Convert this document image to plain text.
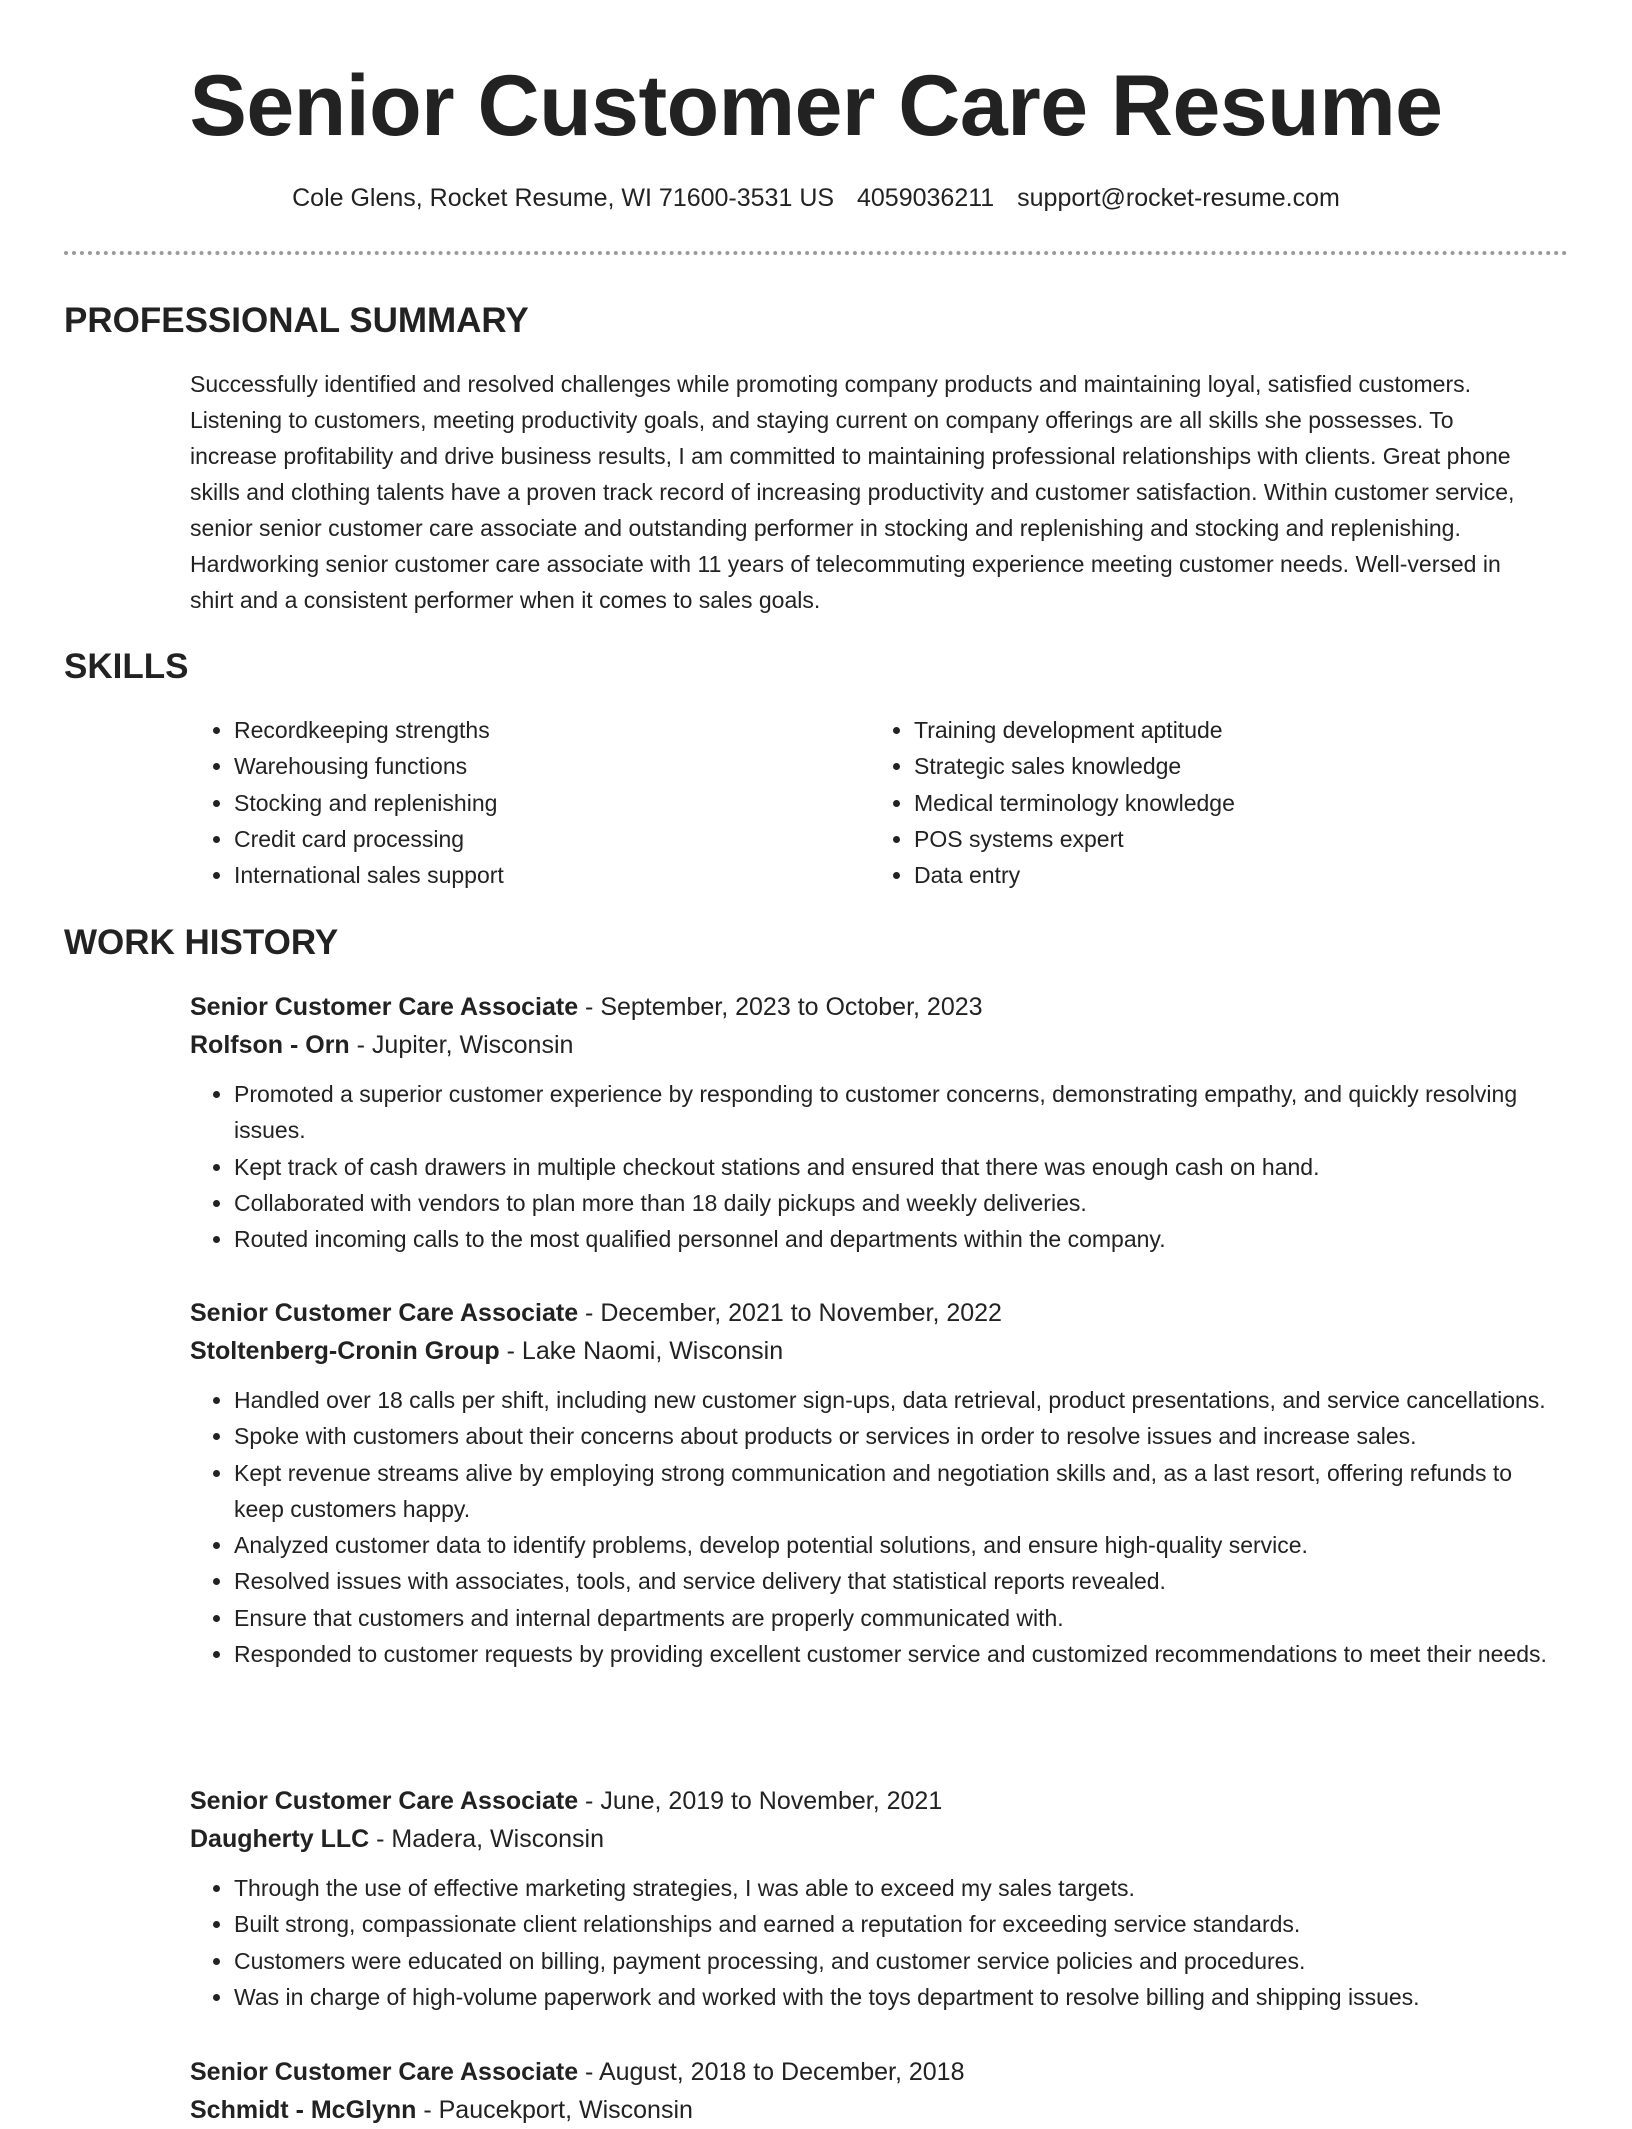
Senior Customer Care Resume
Cole Glens, Rocket Resume, WI 71600-3531 US 4059036211 support@rocket-resume.com
PROFESSIONAL SUMMARY

Successfully identified and resolved challenges while promoting company products and maintaining loyal, satisfied customers. Listening to customers, meeting productivity goals, and staying current on company offerings are all skills she possesses. To increase profitability and drive business results, I am committed to maintaining professional relationships with clients. Great phone skills and clothing talents have a proven track record of increasing productivity and customer satisfaction. Within customer service, senior senior customer care associate and outstanding performer in stocking and replenishing and stocking and replenishing. Hardworking senior customer care associate with 11 years of telecommuting experience meeting customer needs. Well-versed in shirt and a consistent performer when it comes to sales goals.

SKILLS
• Recordkeeping strengths
• Warehousing functions
• Stocking and replenishing
• Credit card processing
• International sales support
• Training development aptitude
• Strategic sales knowledge
• Medical terminology knowledge
• POS systems expert
• Data entry
WORK HISTORY
Senior Customer Care Associate - September, 2023 to October, 2023
Rolfson - Orn - Jupiter, Wisconsin
• Promoted a superior customer experience by responding to customer concerns, demonstrating empathy, and quickly resolving issues.
• Kept track of cash drawers in multiple checkout stations and ensured that there was enough cash on hand.
• Collaborated with vendors to plan more than 18 daily pickups and weekly deliveries.
• Routed incoming calls to the most qualified personnel and departments within the company.
Senior Customer Care Associate - December, 2021 to November, 2022
Stoltenberg-Cronin Group - Lake Naomi, Wisconsin
• Handled over 18 calls per shift, including new customer sign-ups, data retrieval, product presentations, and service cancellations.
• Spoke with customers about their concerns about products or services in order to resolve issues and increase sales.
• Kept revenue streams alive by employing strong communication and negotiation skills and, as a last resort, offering refunds to keep customers happy.
• Analyzed customer data to identify problems, develop potential solutions, and ensure high-quality service.
• Resolved issues with associates, tools, and service delivery that statistical reports revealed.
• Ensure that customers and internal departments are properly communicated with.
• Responded to customer requests by providing excellent customer service and customized recommendations to meet their needs.
Senior Customer Care Associate - June, 2019 to November, 2021
Daugherty LLC - Madera, Wisconsin
• Through the use of effective marketing strategies, I was able to exceed my sales targets.
• Built strong, compassionate client relationships and earned a reputation for exceeding service standards.
• Customers were educated on billing, payment processing, and customer service policies and procedures.
• Was in charge of high-volume paperwork and worked with the toys department to resolve billing and shipping issues.
Senior Customer Care Associate - August, 2018 to December, 2018
Schmidt - McGlynn - Paucekport, Wisconsin
